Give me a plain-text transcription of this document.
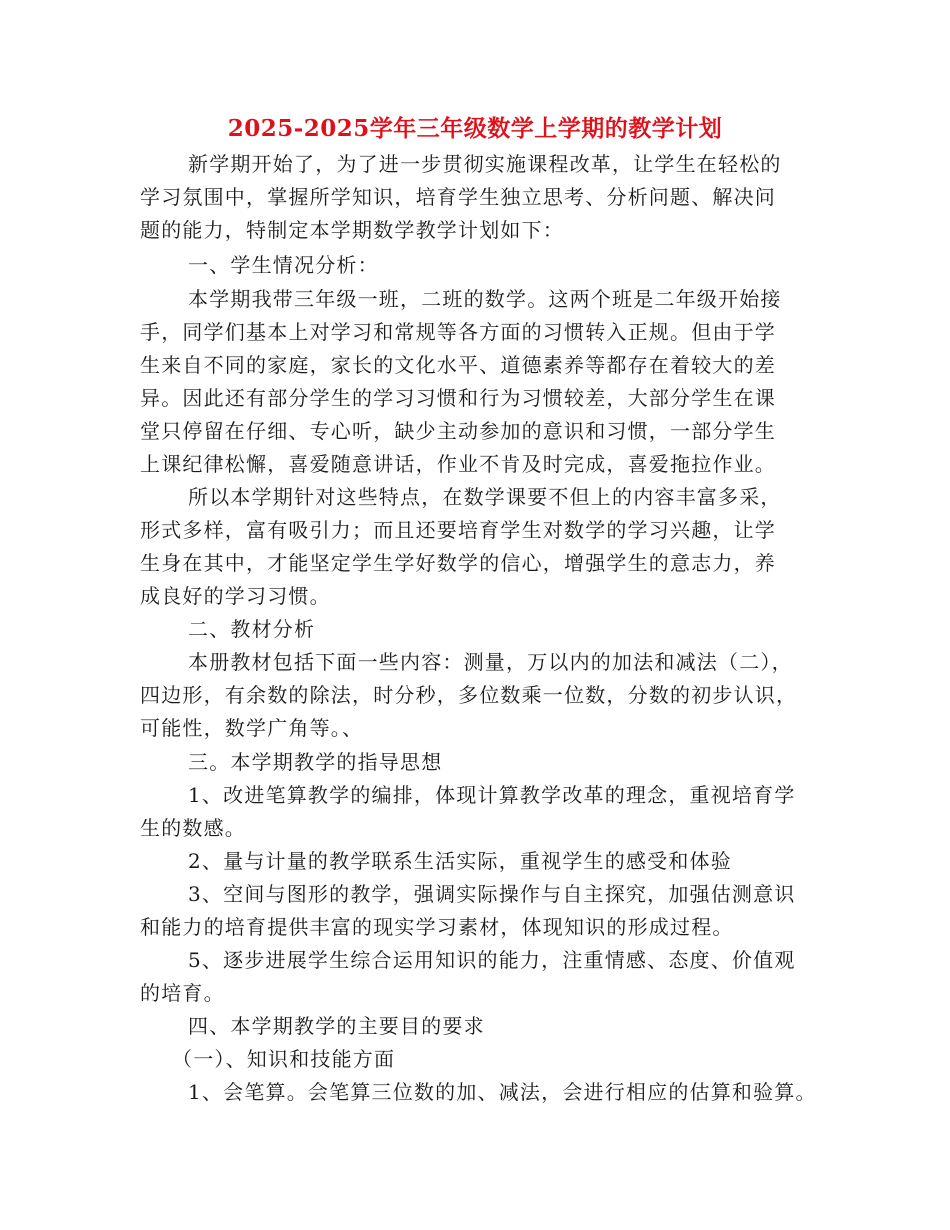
2025-2025学年三年级数学上学期的教学计划
新学期开始了，为了进一步贯彻实施课程改革，让学生在轻松的
学习氛围中，掌握所学知识，培育学生独立思考、分析问题、解决问
题的能力，特制定本学期数学教学计划如下：
一、学生情况分析：
本学期我带三年级一班，二班的数学。这两个班是二年级开始接
手，同学们基本上对学习和常规等各方面的习惯转入正规。但由于学
生来自不同的家庭，家长的文化水平、道德素养等都存在着较大的差
异。因此还有部分学生的学习习惯和行为习惯较差，大部分学生在课
堂只停留在仔细、专心听，缺少主动参加的意识和习惯，一部分学生
上课纪律松懈，喜爱随意讲话，作业不肯及时完成，喜爱拖拉作业。
所以本学期针对这些特点，在数学课要不但上的内容丰富多采，
形式多样，富有吸引力；而且还要培育学生对数学的学习兴趣，让学
生身在其中，才能坚定学生学好数学的信心，增强学生的意志力，养
成良好的学习习惯。
二、教材分析
本册教材包括下面一些内容：测量，万以内的加法和减法（二），
四边形，有余数的除法，时分秒，多位数乘一位数，分数的初步认识，
可能性，数学广角等。、
三。本学期教学的指导思想
1、改进笔算教学的编排，体现计算教学改革的理念，重视培育学
生的数感。
2、量与计量的教学联系生活实际，重视学生的感受和体验
3、空间与图形的教学，强调实际操作与自主探究，加强估测意识
和能力的培育提供丰富的现实学习素材，体现知识的形成过程。
5、逐步进展学生综合运用知识的能力，注重情感、态度、价值观
的培育。
四、本学期教学的主要目的要求
（一）、知识和技能方面
1、会笔算。会笔算三位数的加、减法，会进行相应的估算和验算。
